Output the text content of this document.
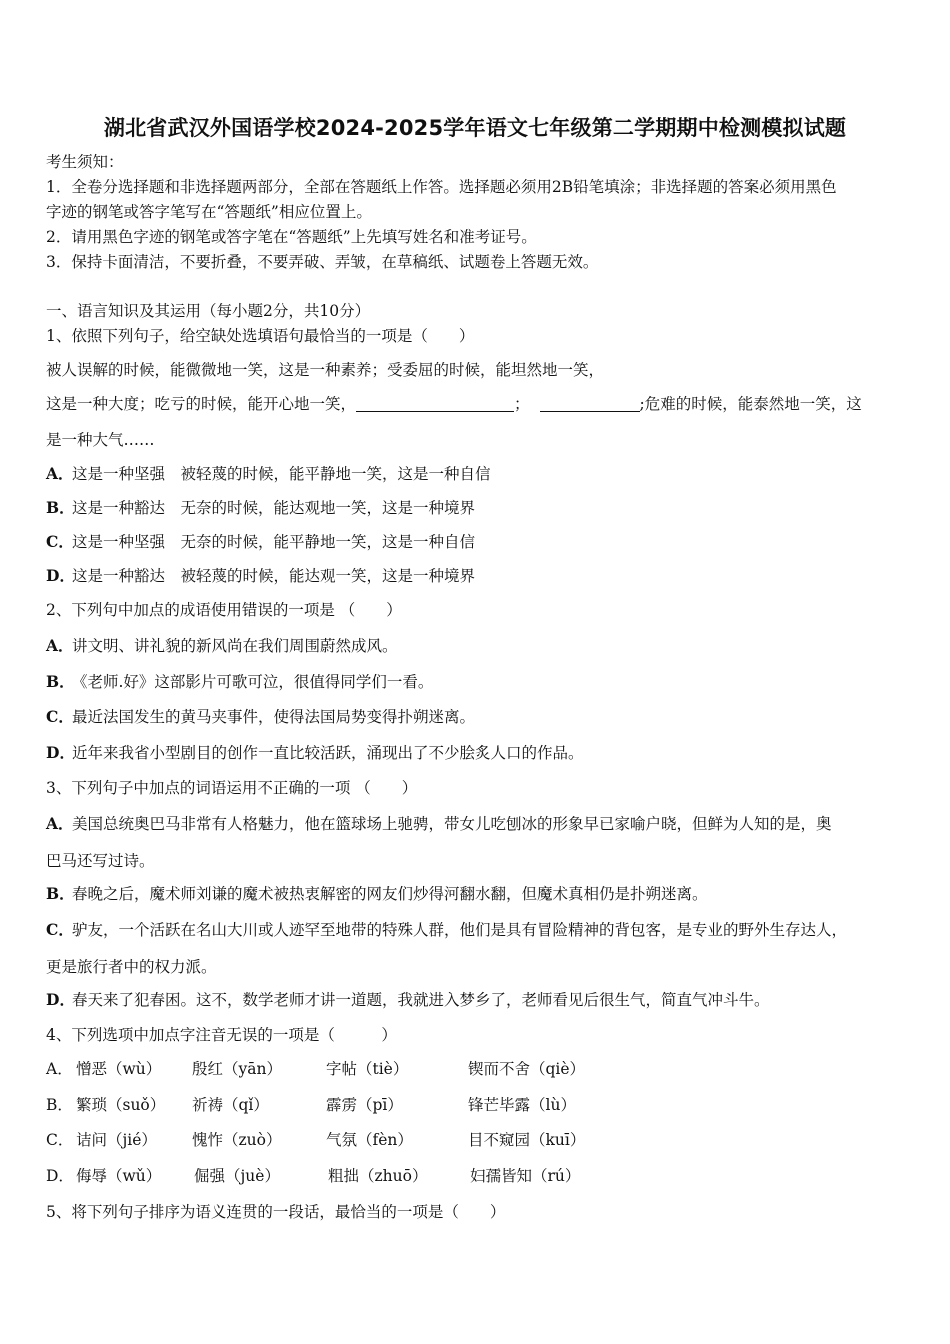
湖北省武汉外国语学校2024-2025学年语文七年级第二学期期中检测模拟试题
考生须知：
1．全卷分选择题和非选择题两部分，全部在答题纸上作答。选择题必须用2B铅笔填涂；非选择题的答案必须用黑色
字迹的钢笔或答字笔写在“答题纸”相应位置上。
2．请用黑色字迹的钢笔或答字笔在“答题纸”上先填写姓名和准考证号。
3．保持卡面清洁，不要折叠，不要弄破、弄皱，在草稿纸、试题卷上答题无效。
一、语言知识及其运用（每小题2分，共10分）
1、依照下列句子，给空缺处选填语句最恰当的一项是（　　）
被人误解的时候，能微微地一笑，这是一种素养；受委屈的时候，能坦然地一笑，
这是一种大度；吃亏的时候，能开心地一笑，	；	;危难的时候，能泰然地一笑，这
是一种大气……
A．这是一种坚强　被轻蔑的时候，能平静地一笑，这是一种自信
B．这是一种豁达　无奈的时候，能达观地一笑，这是一种境界
C．这是一种坚强　无奈的时候，能平静地一笑，这是一种自信
D．这是一种豁达　被轻蔑的时候，能达观一笑，这是一种境界
2、下列句中加点的成语使用错误的一项是 （　　）
A．讲文明、讲礼貌的新风尚在我们周围蔚然成风。
B．《老师.好》这部影片可歌可泣，很值得同学们一看。
C．最近法国发生的黄马夹事件，使得法国局势变得扑朔迷离。
D．近年来我省小型剧目的创作一直比较活跃，涌现出了不少脍炙人口的作品。
3、下列句子中加点的词语运用不正确的一项 （　　）
A．美国总统奥巴马非常有人格魅力，他在篮球场上驰骋，带女儿吃刨冰的形象早已家喻户晓，但鲜为人知的是，奥
巴马还写过诗。
B．春晚之后，魔术师刘谦的魔术被热衷解密的网友们炒得河翻水翻，但魔术真相仍是扑朔迷离。
C．驴友，一个活跃在名山大川或人迹罕至地带的特殊人群，他们是具有冒险精神的背包客，是专业的野外生存达人，
更是旅行者中的权力派。
D．春天来了犯春困。这不，数学老师才讲一道题，我就进入梦乡了，老师看见后很生气，简直气冲斗牛。
4、下列选项中加点字注音无误的一项是（　　　）
A． 憎恶（wù） 殷红（yān）	字帖（tiè）	锲而不舍（qiè）
B． 繁琐（suǒ） 祈祷（qǐ）	霹雳（pī）	锋芒毕露（lù）
C． 诘问（jié） 愧怍（zuò）	气氛（fèn）	目不窥园（kuī）
D． 侮辱（wǔ） 倔强（juè）	粗拙（zhuō）	妇孺皆知（rú）
5、将下列句子排序为语义连贯的一段话，最恰当的一项是（　　）
